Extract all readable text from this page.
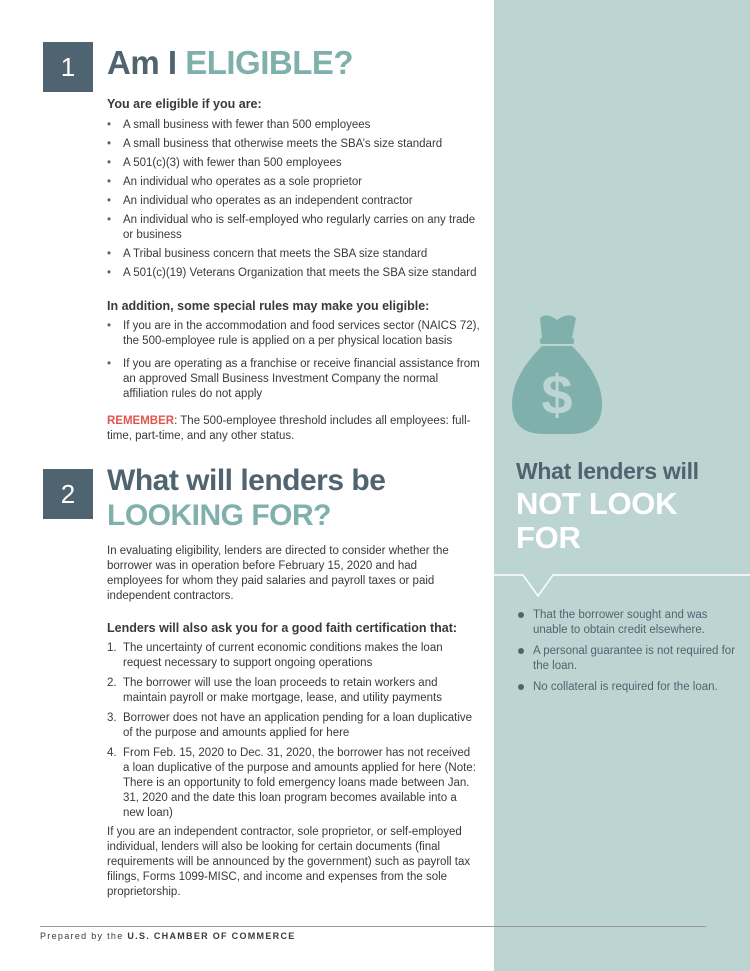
1 Am I ELIGIBLE?
You are eligible if you are:
• A small business with fewer than 500 employees
• A small business that otherwise meets the SBA’s size standard
• A 501(c)(3) with fewer than 500 employees
• An individual who operates as a sole proprietor
• An individual who operates as an independent contractor
• An individual who is self-employed who regularly carries on any trade or business
• A Tribal business concern that meets the SBA size standard
• A 501(c)(19) Veterans Organization that meets the SBA size standard
In addition, some special rules may make you eligible:
• If you are in the accommodation and food services sector (NAICS 72), the 500-employee rule is applied on a per physical location basis
• If you are operating as a franchise or receive financial assistance from an approved Small Business Investment Company the normal affiliation rules do not apply
REMEMBER: The 500-employee threshold includes all employees: full-time, part-time, and any other status.
2	What will lenders be
LOOKING FOR?
In evaluating eligibility, lenders are directed to consider whether the borrower was in operation before February 15, 2020 and had employees for whom they paid salaries and payroll taxes or paid independent contractors.
Lenders will also ask you for a good faith certification that:
1. The uncertainty of current economic conditions makes the loan request necessary to support ongoing operations
2. The borrower will use the loan proceeds to retain workers and maintain payroll or make mortgage, lease, and utility payments
3. Borrower does not have an application pending for a loan duplicative of the purpose and amounts applied for here
4. From Feb. 15, 2020 to Dec. 31, 2020, the borrower has not received a loan duplicative of the purpose and amounts applied for here (Note: There is an opportunity to fold emergency loans made between Jan. 31, 2020 and the date this loan program becomes available into a new loan)
If you are an independent contractor, sole proprietor, or self-employed individual, lenders will also be looking for certain documents (final requirements will be announced by the government) such as payroll tax filings, Forms 1099-MISC, and income and expenses from the sole proprietorship.
$
What lenders will
NOT LOOK FOR
That the borrower sought and was unable to obtain credit elsewhere.
A personal guarantee is not required for the loan.
No collateral is required for the loan.
Prepared by the U.S. CHAMBER OF COMMERCE
